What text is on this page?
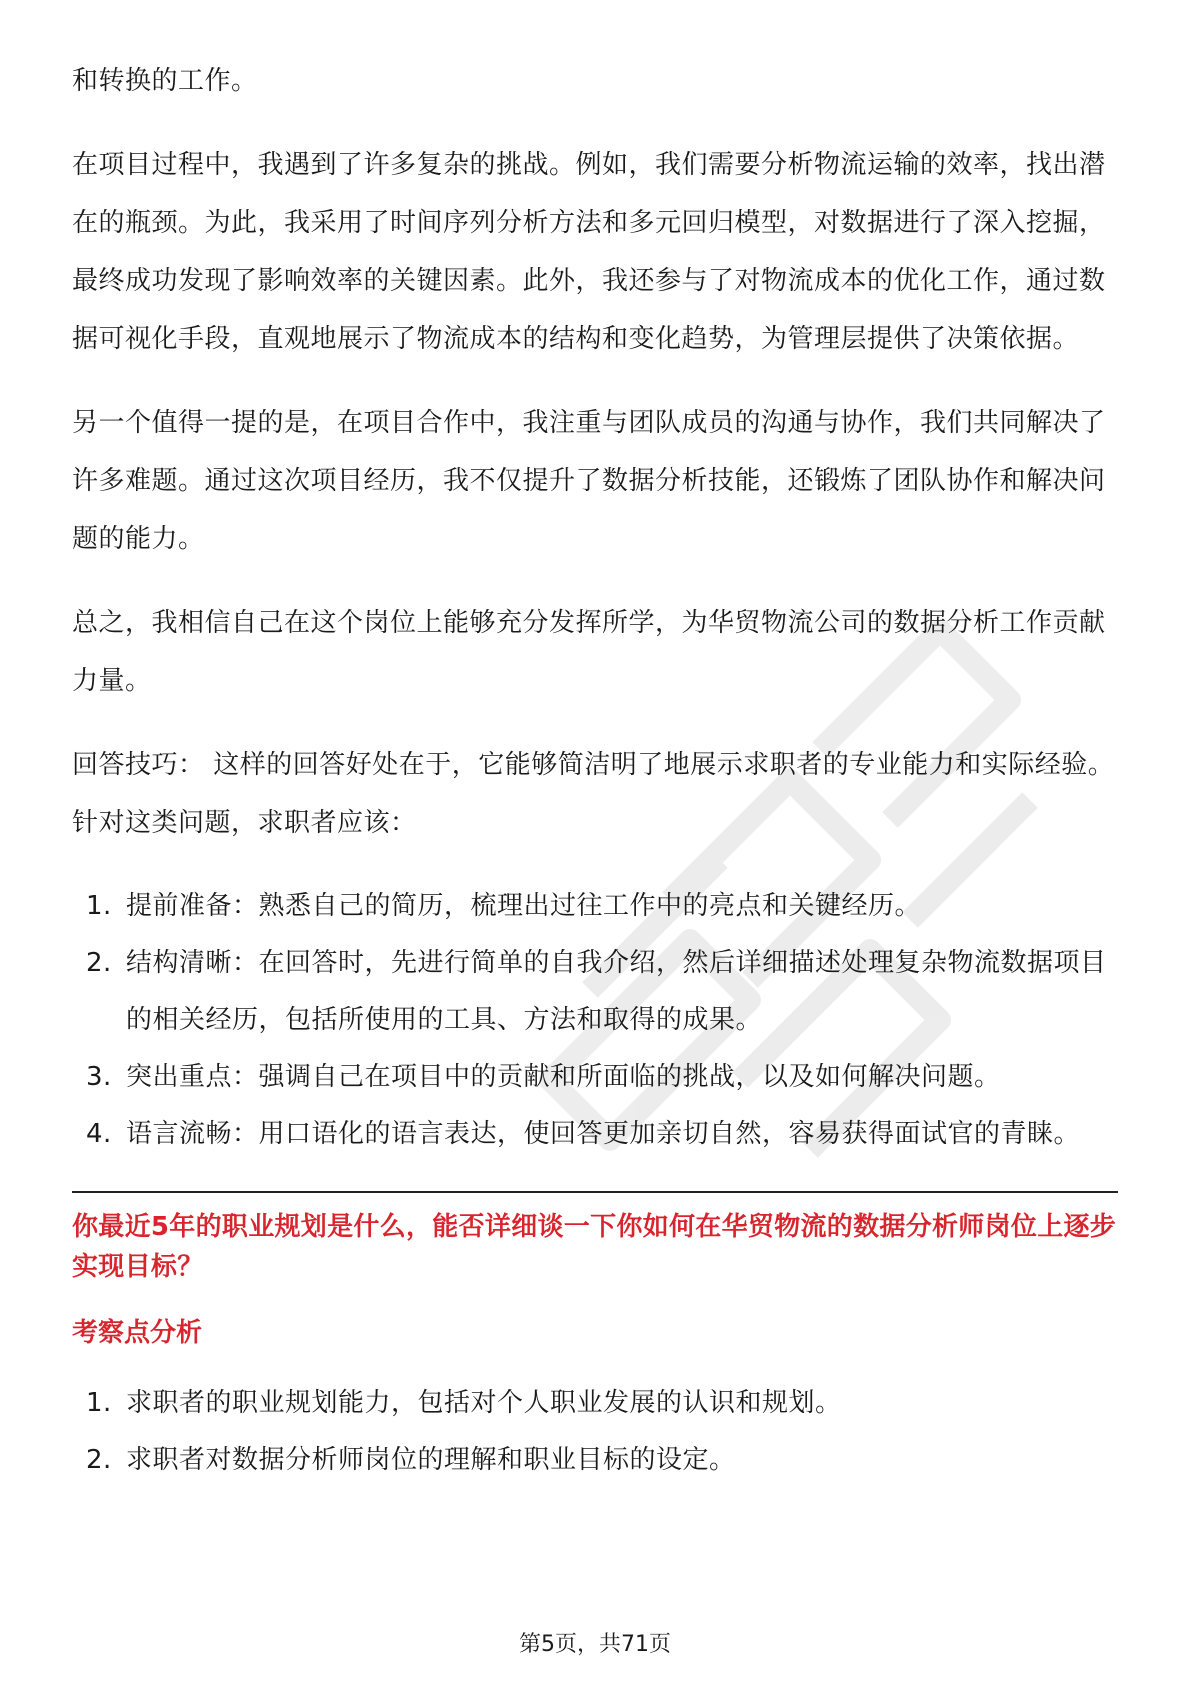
和转换的工作。

在项目过程中，我遇到了许多复杂的挑战。例如，我们需要分析物流运输的效率，找出潜在的瓶颈。为此，我采用了时间序列分析方法和多元回归模型，对数据进行了深入挖掘，最终成功发现了影响效率的关键因素。此外，我还参与了对物流成本的优化工作，通过数据可视化手段，直观地展示了物流成本的结构和变化趋势，为管理层提供了决策依据。

另一个值得一提的是，在项目合作中，我注重与团队成员的沟通与协作，我们共同解决了许多难题。通过这次项目经历，我不仅提升了数据分析技能，还锻炼了团队协作和解决问题的能力。

总之，我相信自己在这个岗位上能够充分发挥所学，为华贸物流公司的数据分析工作贡献力量。

回答技巧： 这样的回答好处在于，它能够简洁明了地展示求职者的专业能力和实际经验。针对这类问题，求职者应该：

1. 提前准备：熟悉自己的简历，梳理出过往工作中的亮点和关键经历。
2. 结构清晰：在回答时，先进行简单的自我介绍，然后详细描述处理复杂物流数据项目的相关经历，包括所使用的工具、方法和取得的成果。
3. 突出重点：强调自己在项目中的贡献和所面临的挑战，以及如何解决问题。
4. 语言流畅：用口语化的语言表达，使回答更加亲切自然，容易获得面试官的青睐。

你最近5年的职业规划是什么，能否详细谈一下你如何在华贸物流的数据分析师岗位上逐步实现目标？

考察点分析

1. 求职者的职业规划能力，包括对个人职业发展的认识和规划。
2. 求职者对数据分析师岗位的理解和职业目标的设定。
第5页，共71页
